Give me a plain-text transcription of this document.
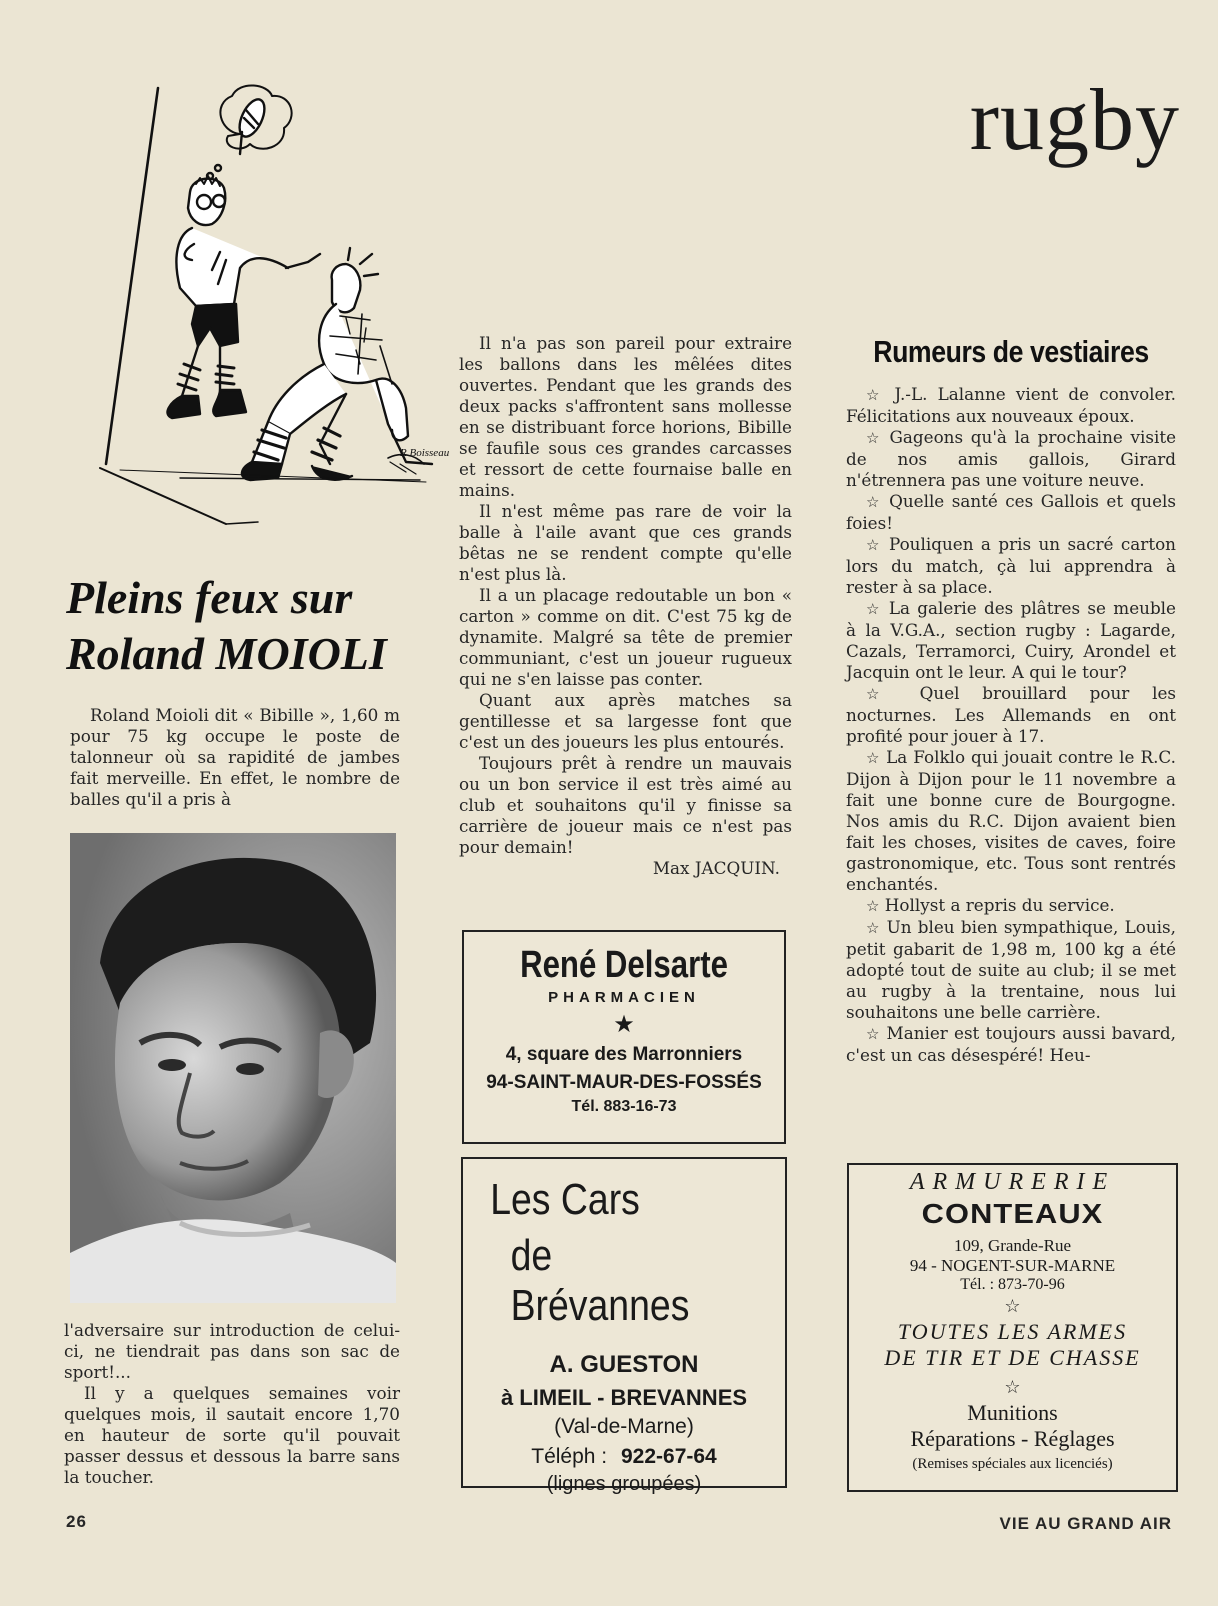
rugby
R.Boisseau
Pleins feux sur
Roland MOIOLI

Roland Moioli dit « Bibille », 1,60 m pour 75 kg occupe le poste de talonneur où sa rapidité de jambes fait merveille. En effet, le nombre de balles qu'il a pris à

l'adversaire sur introduction de celui-ci, ne tiendrait pas dans son sac de sport!...

Il y a quelques semaines voir quelques mois, il sautait encore 1,70 en hauteur de sorte qu'il pouvait passer dessus et dessous la barre sans la toucher.

Il n'a pas son pareil pour extraire les ballons dans les mêlées dites ouvertes. Pendant que les grands des deux packs s'affrontent sans mollesse en se distribuant force horions, Bibille se faufile sous ces grandes carcasses et ressort de cette fournaise balle en mains.

Il n'est même pas rare de voir la balle à l'aile avant que ces grands bêtas ne se rendent compte qu'elle n'est plus là.

Il a un placage redoutable un bon « carton » comme on dit. C'est 75 kg de dynamite. Malgré sa tête de premier communiant, c'est un joueur rugueux qui ne s'en laisse pas conter.

Quant aux après matches sa gentillesse et sa largesse font que c'est un des joueurs les plus entourés.

Toujours prêt à rendre un mauvais ou un bon service il est très aimé au club et souhaitons qu'il y finisse sa carrière de joueur mais ce n'est pas pour demain!

Max JACQUIN.

Rumeurs de vestiaires

☆ J.-L. Lalanne vient de convoler. Félicitations aux nouveaux époux.

☆ Gageons qu'à la prochaine visite de nos amis gallois, Girard n'étrennera pas une voiture neuve.

☆ Quelle santé ces Gallois et quels foies!

☆ Pouliquen a pris un sacré carton lors du match, çà lui apprendra à rester à sa place.

☆ La galerie des plâtres se meuble à la V.G.A., section rugby : Lagarde, Cazals, Terramorci, Cuiry, Arondel et Jacquin ont le leur. A qui le tour?

☆ Quel brouillard pour les nocturnes. Les Allemands en ont profité pour jouer à 17.

☆ La Folklo qui jouait contre le R.C. Dijon à Dijon pour le 11 novembre a fait une bonne cure de Bourgogne. Nos amis du R.C. Dijon avaient bien fait les choses, visites de caves, foire gastronomique, etc. Tous sont rentrés enchantés.

☆ Hollyst a repris du service.

☆ Un bleu bien sympathique, Louis, petit gabarit de 1,98 m, 100 kg a été adopté tout de suite au club; il se met au rugby à la trentaine, nous lui souhaitons une belle carrière.

☆ Manier est toujours aussi bavard, c'est un cas désespéré! Heu-

René Delsarte
PHARMACIEN
★
4, square des Marronniers
94-SAINT-MAUR-DES-FOSSÉS
Tél. 883-16-73
Les Cars
de Brévannes
A. GUESTON
à LIMEIL - BREVANNES
(Val-de-Marne)
Téléph : 922-67-64
(lignes groupées)
ARMURERIE
CONTEAUX
109, Grande-Rue
94 - NOGENT-SUR-MARNE
Tél. : 873-70-96
☆
TOUTES LES ARMES
DE TIR ET DE CHASSE
☆
Munitions
Réparations - Réglages
(Remises spéciales aux licenciés)
26	VIE AU GRAND AIR
